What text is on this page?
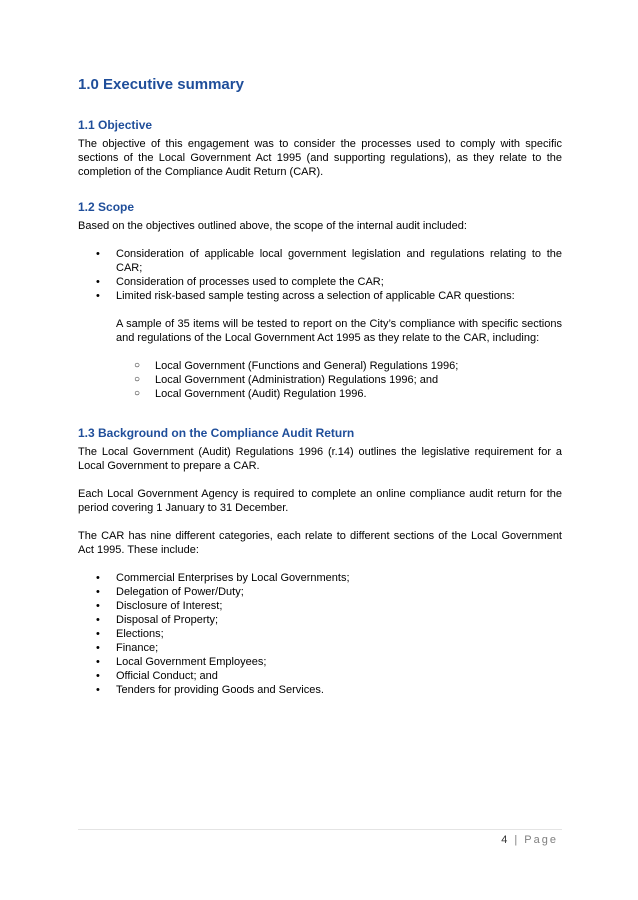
1.0 Executive summary
1.1 Objective

The objective of this engagement was to consider the processes used to comply with specific sections of the Local Government Act 1995 (and supporting regulations), as they relate to the completion of the Compliance Audit Return (CAR).

1.2 Scope

Based on the objectives outlined above, the scope of the internal audit included:

• Consideration of applicable local government legislation and regulations relating to the CAR;
• Consideration of processes used to complete the CAR;
• Limited risk-based sample testing across a selection of applicable CAR questions:

A sample of 35 items will be tested to report on the City’s compliance with specific sections and regulations of the Local Government Act 1995 as they relate to the CAR, including:

○ Local Government (Functions and General) Regulations 1996;
○ Local Government (Administration) Regulations 1996; and
○ Local Government (Audit) Regulation 1996.
1.3 Background on the Compliance Audit Return

The Local Government (Audit) Regulations 1996 (r.14) outlines the legislative requirement for a Local Government to prepare a CAR.

Each Local Government Agency is required to complete an online compliance audit return for the period covering 1 January to 31 December.

The CAR has nine different categories, each relate to different sections of the Local Government Act 1995. These include:

• Commercial Enterprises by Local Governments;
• Delegation of Power/Duty;
• Disclosure of Interest;
• Disposal of Property;
• Elections;
• Finance;
• Local Government Employees;
• Official Conduct; and
• Tenders for providing Goods and Services.
4 | Page
